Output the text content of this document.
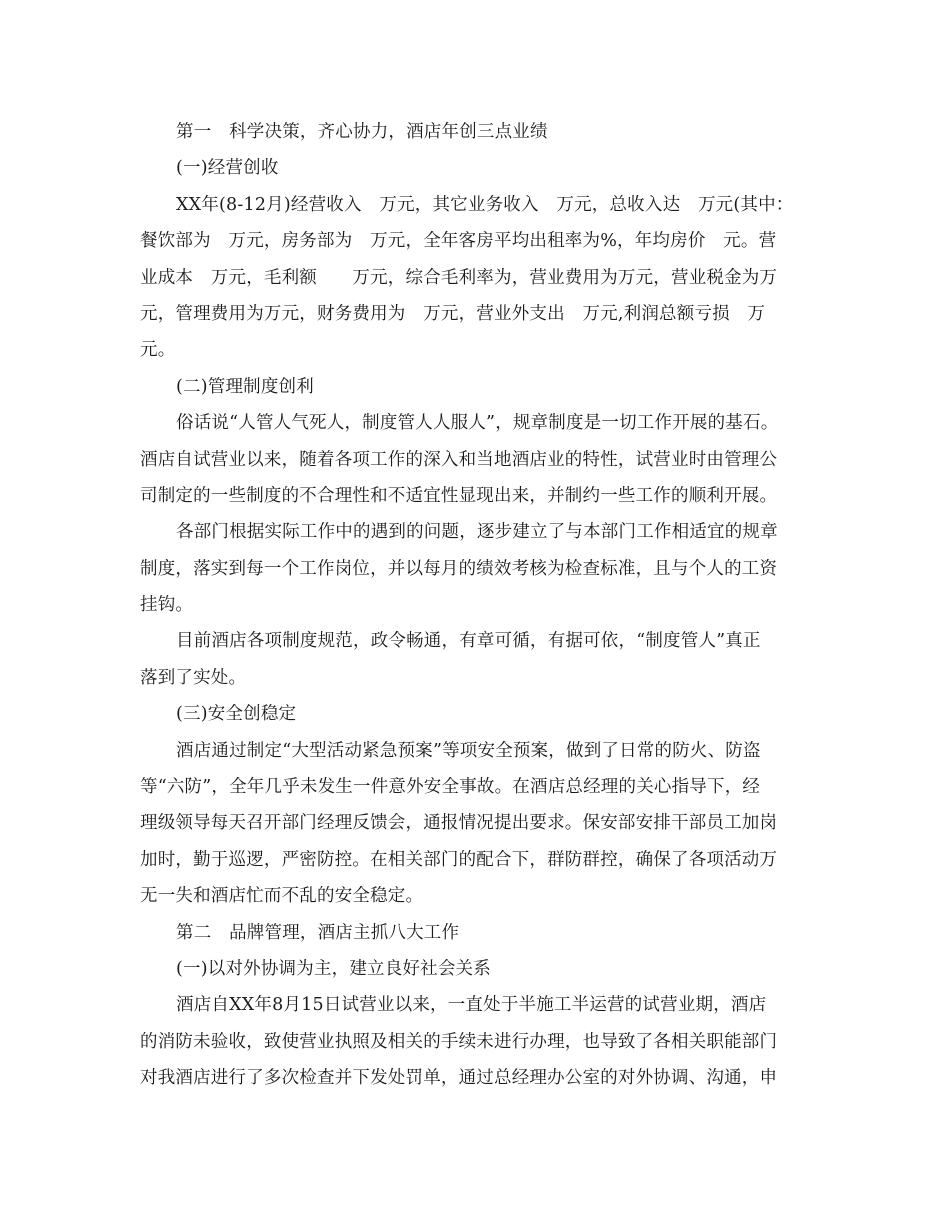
第一　科学决策，齐心协力，酒店年创三点业绩
(一)经营创收
XX年(8-12月)经营收入　万元，其它业务收入　万元，总收入达　万元(其中：
餐饮部为　万元，房务部为　万元，全年客房平均出租率为%，年均房价　元。营
业成本　万元，毛利额　　万元，综合毛利率为，营业费用为万元，营业税金为万
元，管理费用为万元，财务费用为　万元，营业外支出　万元,利润总额亏损　万
元。
(二)管理制度创利
俗话说“人管人气死人，制度管人人服人”，规章制度是一切工作开展的基石。
酒店自试营业以来，随着各项工作的深入和当地酒店业的特性，试营业时由管理公
司制定的一些制度的不合理性和不适宜性显现出来，并制约一些工作的顺利开展。
各部门根据实际工作中的遇到的问题，逐步建立了与本部门工作相适宜的规章
制度，落实到每一个工作岗位，并以每月的绩效考核为检查标准，且与个人的工资
挂钩。
目前酒店各项制度规范，政令畅通，有章可循，有据可依，“制度管人”真正
落到了实处。
(三)安全创稳定
酒店通过制定“大型活动紧急预案”等项安全预案，做到了日常的防火、防盗
等“六防”，全年几乎未发生一件意外安全事故。在酒店总经理的关心指导下，经
理级领导每天召开部门经理反馈会，通报情况提出要求。保安部安排干部员工加岗
加时，勤于巡逻，严密防控。在相关部门的配合下，群防群控，确保了各项活动万
无一失和酒店忙而不乱的安全稳定。
第二　品牌管理，酒店主抓八大工作
(一)以对外协调为主，建立良好社会关系
酒店自XX年8月15日试营业以来，一直处于半施工半运营的试营业期，酒店
的消防未验收，致使营业执照及相关的手续未进行办理，也导致了各相关职能部门
对我酒店进行了多次检查并下发处罚单，通过总经理办公室的对外协调、沟通，申
